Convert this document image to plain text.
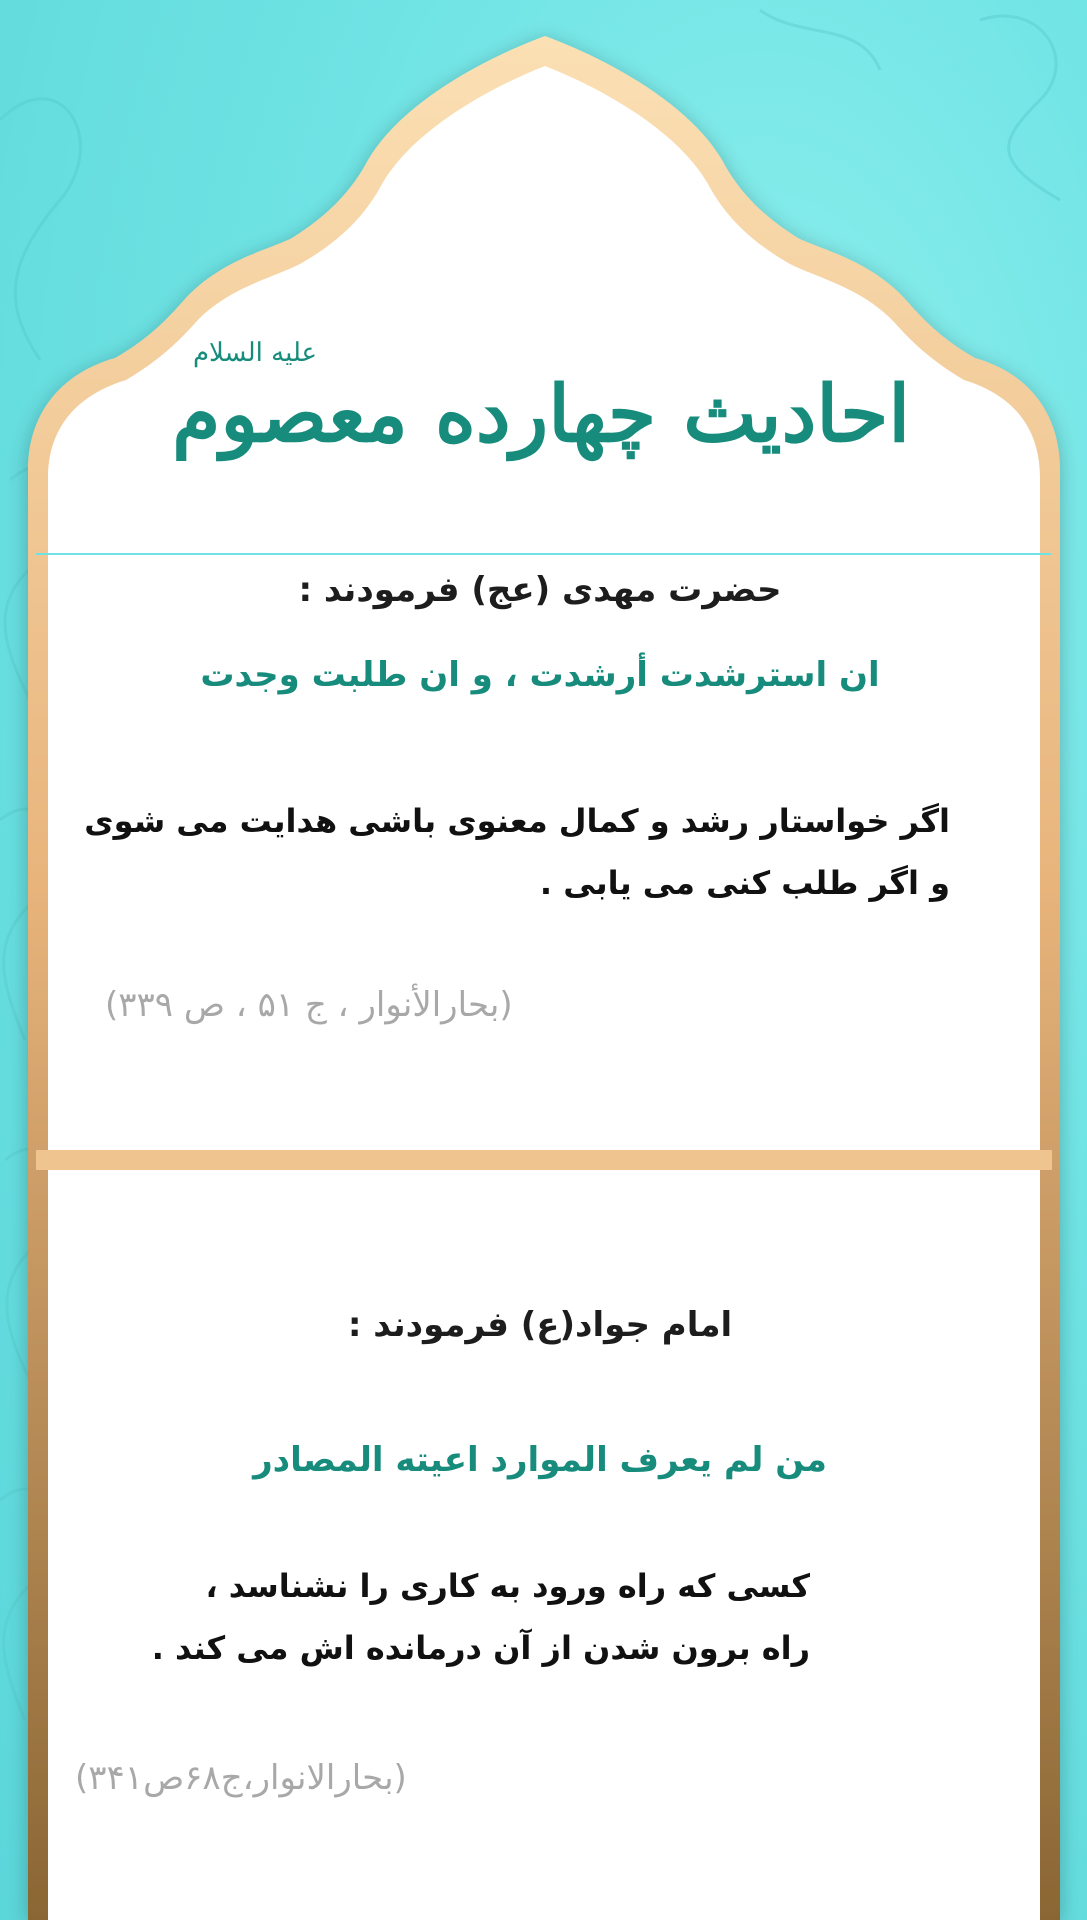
علیه السلام
احادیث چهارده معصوم
حضرت مهدی (عج) فرمودند :
ان استرشدت أرشدت ، و ان طلبت وجدت
اگر خواستار رشد و کمال معنوی باشی هدایت می شوی
و اگر طلب کنی می یابی .
(بحارالأنوار ، ج ۵۱ ، ص ۳۳۹)
امام جواد(ع) فرمودند :
من لم يعرف الموارد اعيته المصادر
کسی که راه ورود به کاری را نشناسد ،
راه برون شدن از آن درمانده اش می کند .
(بحارالانوار،ج۶۸ص۳۴۱)
